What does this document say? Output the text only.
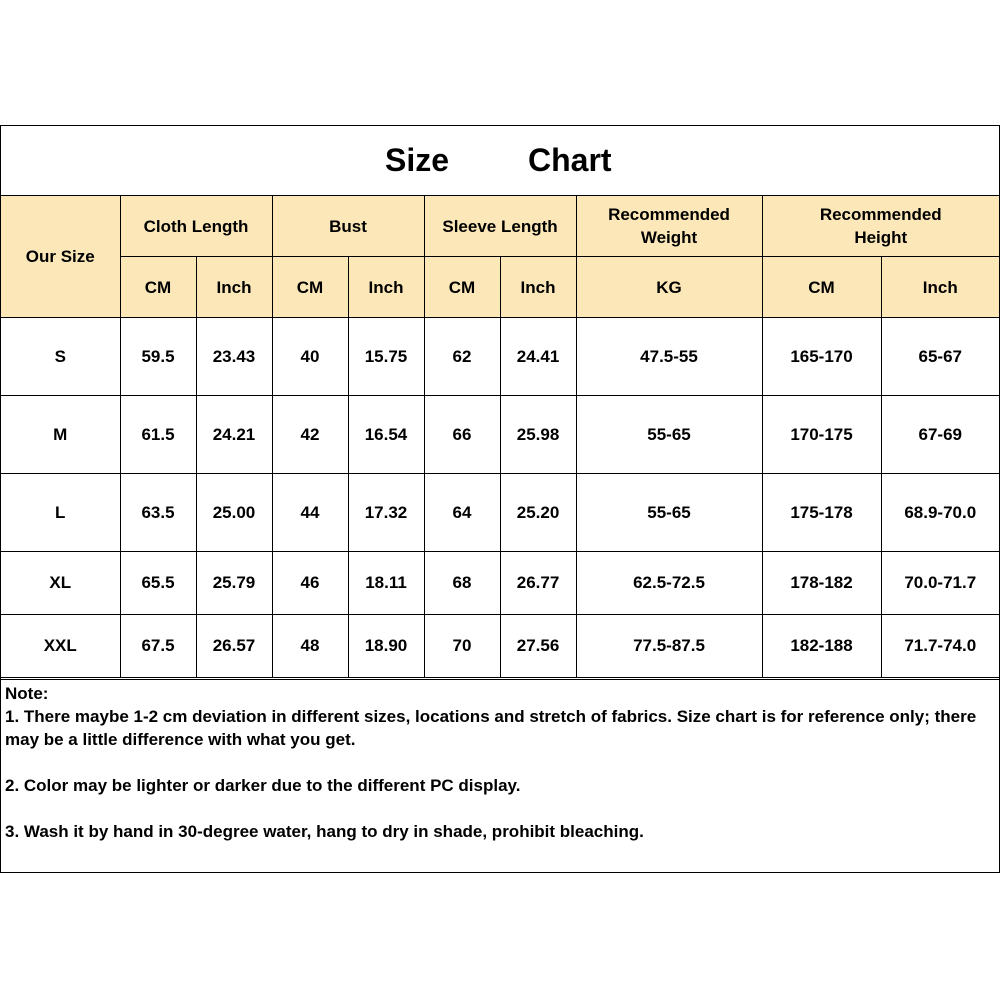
Size Chart
Our Size	Cloth Length		Bust		Sleeve Length		Recommended Weight	Recommended Height	
	CM	Inch	CM	Inch	CM	Inch	KG	CM	Inch
S	59.5	23.43	40	15.75	62	24.41	47.5-55	165-170	65-67
M	61.5	24.21	42	16.54	66	25.98	55-65	170-175	67-69
L	63.5	25.00	44	17.32	64	25.20	55-65	175-178	68.9-70.0
XL	65.5	25.79	46	18.11	68	26.77	62.5-72.5	178-182	70.0-71.7
XXL	67.5	26.57	48	18.90	70	27.56	77.5-87.5	182-188	71.7-74.0

Note:

1. There maybe 1-2 cm deviation in different sizes, locations and stretch of fabrics. Size chart is for reference only; there may be a little difference with what you get.

2. Color may be lighter or darker due to the different PC display.

3. Wash it by hand in 30-degree water, hang to dry in shade, prohibit bleaching.
